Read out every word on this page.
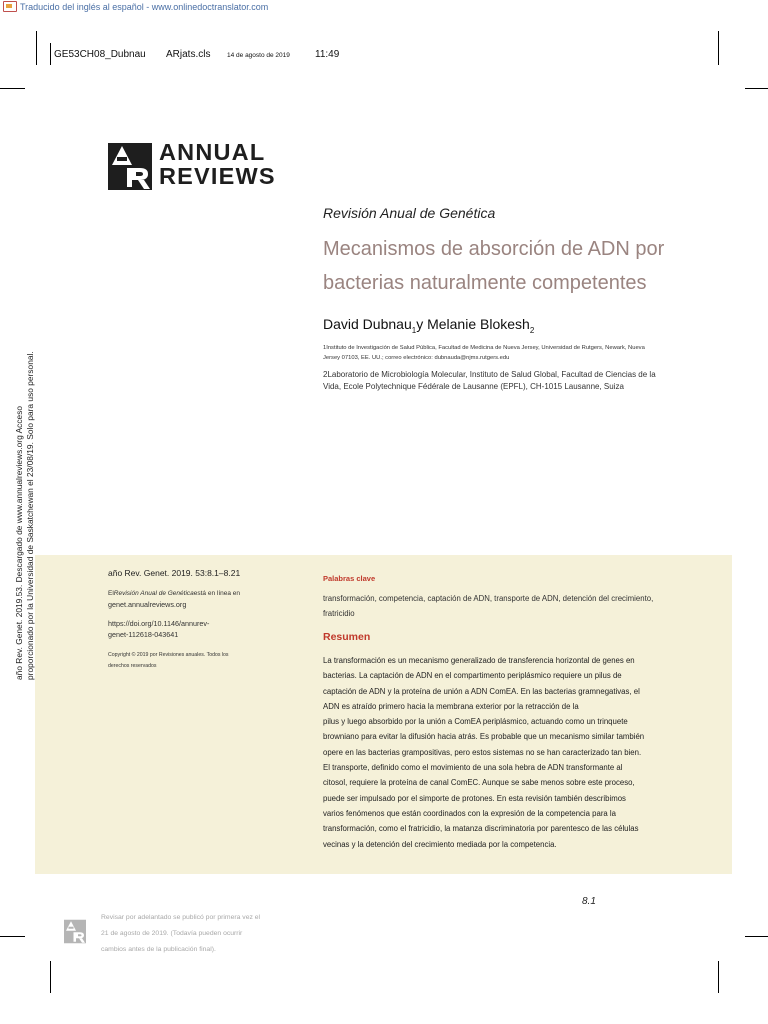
Traducido del inglés al español - www.onlinedoctranslator.com
GE53CH08_Dubnau ARjats.cls	14 de agosto de 2019	11:49
ANNUAL
REVIEWS
Revisión Anual de Genética
Mecanismos de absorción de ADN por
bacterias naturalmente competentes
David Dubnau$_1$y Melanie Blokesh$_2$
1Instituto de Investigación de Salud Pública, Facultad de Medicina de Nueva Jersey, Universidad de Rutgers, Newark, Nueva
Jersey 07103, EE. UU.; correo electrónico: dubnauda@njms.rutgers.edu
2Laboratorio de Microbiología Molecular, Instituto de Salud Global, Facultad de Ciencias de la
Vida, Ecole Polytechnique Fédérale de Lausanne (EPFL), CH-1015 Lausanne, Suiza
año Rev. Genet. 2019.53. Descargado de www.annualreviews.org Acceso proporcionado por la Universidad de Saskatchewan el 23/08/19. Solo para uso personal.	año Rev. Genet. 2019. 53:8.1–8.21
ElRevisión Anual de Genéticaestá en línea en
genet.annualreviews.org
https://doi.org/10.1146/annurev-
genet-112618-043641
Copyright © 2019 por Revisiones anuales. Todos los
derechos reservados
Palabras clave
transformación, competencia, captación de ADN, transporte de ADN, detención del crecimiento,
fratricidio
Resumen
La transformación es un mecanismo generalizado de transferencia horizontal de genes en
bacterias. La captación de ADN en el compartimento periplásmico requiere un pilus de
captación de ADN y la proteína de unión a ADN ComEA. En las bacterias gramnegativas, el
ADN es atraído primero hacia la membrana exterior por la retracción de la
pilus y luego absorbido por la unión a ComEA periplásmico, actuando como un trinquete
browniano para evitar la difusión hacia atrás. Es probable que un mecanismo similar también
opere en las bacterias grampositivas, pero estos sistemas no se han caracterizado tan bien.
El transporte, definido como el movimiento de una sola hebra de ADN transformante al
citosol, requiere la proteína de canal ComEC. Aunque se sabe menos sobre este proceso,
puede ser impulsado por el simporte de protones. En esta revisión también describimos
varios fenómenos que están coordinados con la expresión de la competencia para la
transformación, como el fratricidio, la matanza discriminatoria por parentesco de las células
vecinas y la detención del crecimiento mediada por la competencia.
8.1
Revisar por adelantado se publicó por primera vez el
21 de agosto de 2019. (Todavía pueden ocurrir
cambios antes de la publicación final).
